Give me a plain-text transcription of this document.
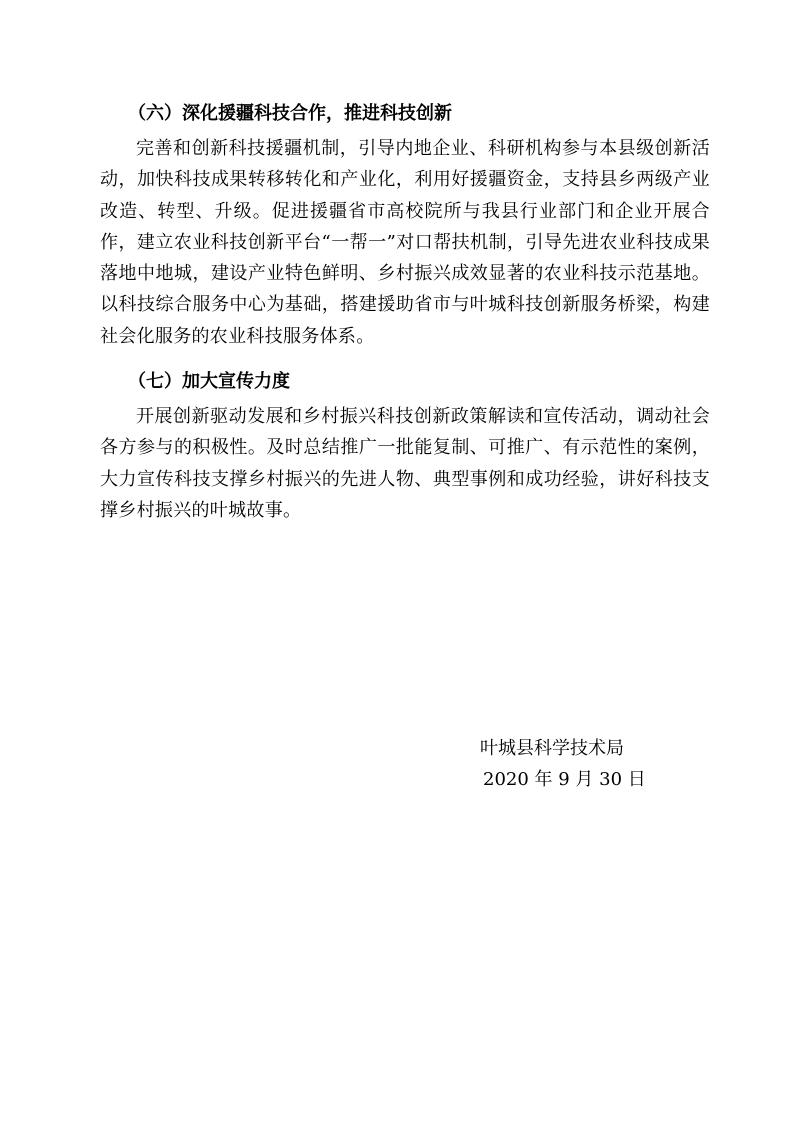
（六）深化援疆科技合作，推进科技创新

完善和创新科技援疆机制，引导内地企业、科研机构参与本县级创新活动，加快科技成果转移转化和产业化，利用好援疆资金，支持县乡两级产业改造、转型、升级。促进援疆省市高校院所与我县行业部门和企业开展合作，建立农业科技创新平台“一帮一”对口帮扶机制，引导先进农业科技成果落地中地城，建设产业特色鲜明、乡村振兴成效显著的农业科技示范基地。以科技综合服务中心为基础，搭建援助省市与叶城科技创新服务桥梁，构建社会化服务的农业科技服务体系。

（七）加大宣传力度

开展创新驱动发展和乡村振兴科技创新政策解读和宣传活动，调动社会各方参与的积极性。及时总结推广一批能复制、可推广、有示范性的案例，大力宣传科技支撑乡村振兴的先进人物、典型事例和成功经验，讲好科技支撑乡村振兴的叶城故事。

叶城县科学技术局
2020 年 9 月 30 日
